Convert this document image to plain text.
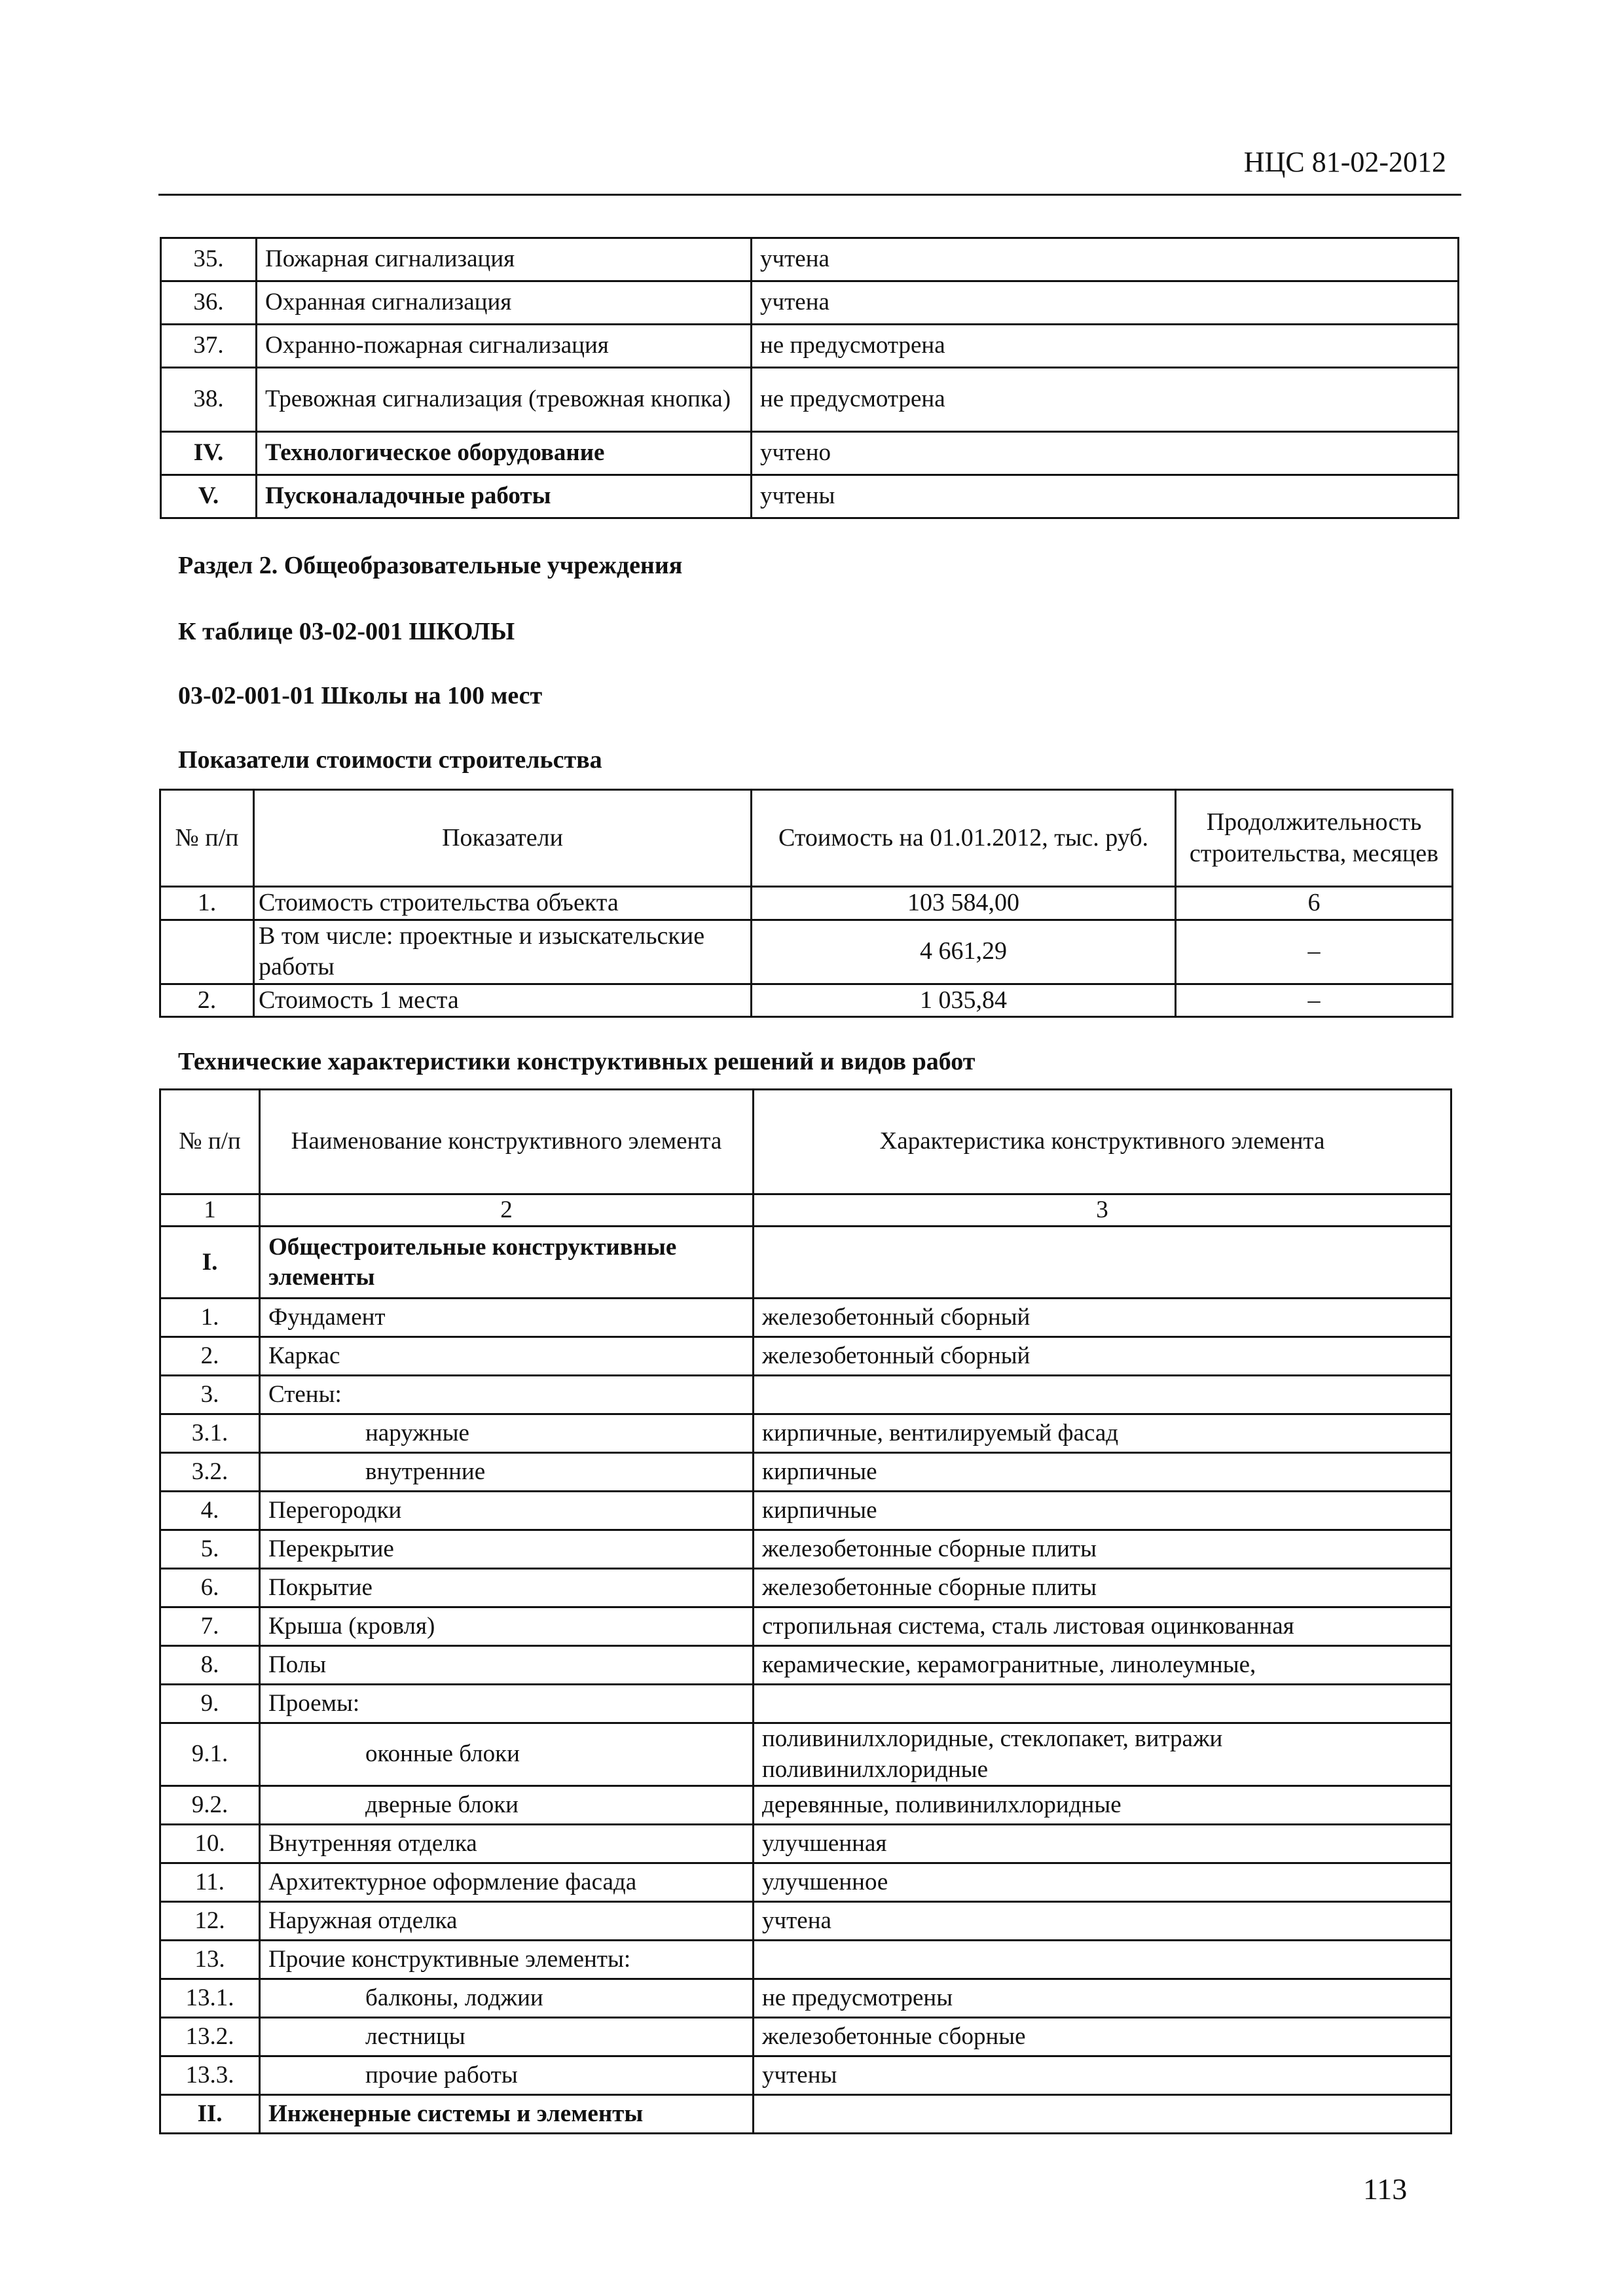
НЦС 81-02-2012
35.	Пожарная сигнализация	учтена
36.	Охранная сигнализация	учтена
37.	Охранно-пожарная сигнализация	не предусмотрена
38.	Тревожная сигнализация (тревожная кнопка)	не предусмотрена
IV.	Технологическое оборудование	учтено
V.	Пусконаладочные работы	учтены
Раздел 2. Общеобразовательные учреждения
К таблице 03-02-001 ШКОЛЫ
03-02-001-01 Школы на 100 мест
Показатели стоимости строительства
№ п/п	Показатели	Стоимость на 01.01.2012, тыс. руб.	Продолжительность строительства, месяцев
1.	Стоимость строительства объекта	103 584,00	6
	В том числе: проектные и изыскательские работы	4 661,29	–
2.	Стоимость 1 места	1 035,84	–
Технические характеристики конструктивных решений и видов работ
№ п/п	Наименование конструктивного элемента	Характеристика конструктивного элемента
1	2	3
I.	Общестроительные конструктивные элементы	
1.	Фундамент	железобетонный сборный
2.	Каркас	железобетонный сборный
3.	Стены:	
3.1.	наружные	кирпичные, вентилируемый фасад
3.2.	внутренние	кирпичные
4.	Перегородки	кирпичные
5.	Перекрытие	железобетонные сборные плиты
6.	Покрытие	железобетонные сборные плиты
7.	Крыша (кровля)	стропильная система, сталь листовая оцинкованная
8.	Полы	керамические, керамогранитные, линолеумные,
9.	Проемы:	
9.1.	оконные блоки	поливинилхлоридные, стеклопакет, витражи поливинилхлоридные
9.2.	дверные блоки	деревянные, поливинилхлоридные
10.	Внутренняя отделка	улучшенная
11.	Архитектурное оформление фасада	улучшенное
12.	Наружная отделка	учтена
13.	Прочие конструктивные элементы:	
13.1.	балконы, лоджии	не предусмотрены
13.2.	лестницы	железобетонные сборные
13.3.	прочие работы	учтены
II.	Инженерные системы и элементы	
113
